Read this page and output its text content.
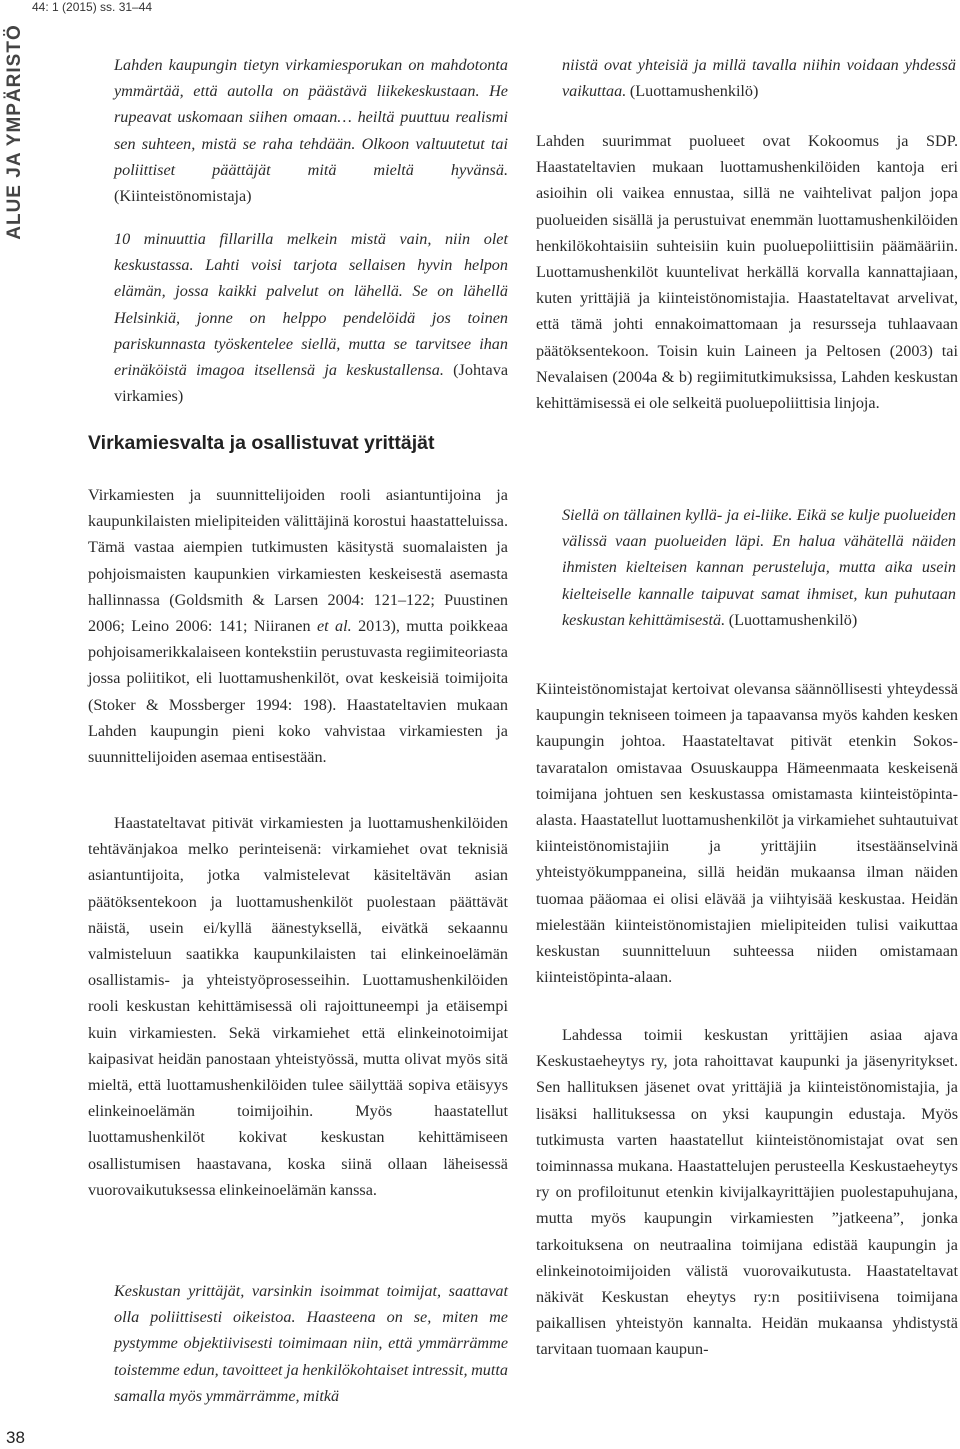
44: 1 (2015) ss. 31–44
ALUE JA YMPÄRISTÖ
38

Lahden kaupungin tietyn virkamiesporukan on mahdotonta ymmärtää, että autolla on päästävä liikekeskustaan. He rupeavat uskomaan siihen omaan… heiltä puuttuu realismi sen suhteen, mistä se raha tehdään. Olkoon valtuutetut tai poliittiset päättäjät mitä mieltä hyvänsä. (Kiinteistönomistaja)

10 minuuttia fillarilla melkein mistä vain, niin olet keskustassa. Lahti voisi tarjota sellaisen hyvin helpon elämän, jossa kaikki palvelut on lähellä. Se on lähellä Helsinkiä, jonne on helppo pendelöidä jos toinen pariskunnasta työskentelee siellä, mutta se tarvitsee ihan erinäköistä imagoa itsellensä ja keskustallensa. (Johtava virkamies)

Virkamiesvalta ja osallistuvat yrittäjät

Virkamiesten ja suunnittelijoiden rooli asiantuntijoina ja kaupunkilaisten mielipiteiden välittäjinä korostui haastatteluissa. Tämä vastaa aiempien tutkimusten käsitystä suomalaisten ja pohjoismaisten kaupunkien virkamiesten keskeisestä asemasta hallinnassa (Goldsmith & Larsen 2004: 121–122; Puustinen 2006; Leino 2006: 141; Niiranen et al. 2013), mutta poikkeaa pohjoisamerikkalaiseen kontekstiin perustuvasta regiimiteoriasta jossa poliitikot, eli luottamushenkilöt, ovat keskeisiä toimijoita (Stoker & Mossberger 1994: 198). Haastateltavien mukaan Lahden kaupungin pieni koko vahvistaa virkamiesten ja suunnittelijoiden asemaa entisestään.

Haastateltavat pitivät virkamiesten ja luottamushenkilöiden tehtävänjakoa melko perinteisenä: virkamiehet ovat teknisiä asiantuntijoita, jotka valmistelevat käsiteltävän asian päätöksentekoon ja luottamushenkilöt puolestaan päättävät näistä, usein ei/kyllä äänestyksellä, eivätkä sekaannu valmisteluun saatikka kaupunkilaisten tai elinkeinoelämän osallistamis- ja yhteistyöprosesseihin. Luottamushenkilöiden rooli keskustan kehittämisessä oli rajoittuneempi ja etäisempi kuin virkamiesten. Sekä virkamiehet että elinkeinotoimijat kaipasivat heidän panostaan yhteistyössä, mutta olivat myös sitä mieltä, että luottamushenkilöiden tulee säilyttää sopiva etäisyys elinkeinoelämän toimijoihin. Myös haastatellut luottamushenkilöt kokivat keskustan kehittämiseen osallistumisen haastavana, koska siinä ollaan läheisessä vuorovaikutuksessa elinkeinoelämän kanssa.

Keskustan yrittäjät, varsinkin isoimmat toimijat, saattavat olla poliittisesti oikeistoa. Haasteena on se, miten me pystymme objektiivisesti toimimaan niin, että ymmärrämme toistemme edun, tavoitteet ja henkilökohtaiset intressit, mutta samalla myös ymmärrämme, mitkä

niistä ovat yhteisiä ja millä tavalla niihin voidaan yhdessä vaikuttaa. (Luottamushenkilö)

Lahden suurimmat puolueet ovat Kokoomus ja SDP. Haastateltavien mukaan luottamushenkilöiden kantoja eri asioihin oli vaikea ennustaa, sillä ne vaihtelivat paljon jopa puolueiden sisällä ja perustuivat enemmän luottamushenkilöiden henkilökohtaisiin suhteisiin kuin puoluepoliittisiin päämääriin. Luottamushenkilöt kuuntelivat herkällä korvalla kannattajiaan, kuten yrittäjiä ja kiinteistönomistajia. Haastateltavat arvelivat, että tämä johti ennakoimattomaan ja resursseja tuhlaavaan päätöksentekoon. Toisin kuin Laineen ja Peltosen (2003) tai Nevalaisen (2004a & b) regiimitutkimuksissa, Lahden keskustan kehittämisessä ei ole selkeitä puoluepoliittisia linjoja.

Siellä on tällainen kyllä- ja ei-liike. Eikä se kulje puolueiden välissä vaan puolueiden läpi. En halua vähätellä näiden ihmisten kielteisen kannan perusteluja, mutta aika usein kielteiselle kannalle taipuvat samat ihmiset, kun puhutaan keskustan kehittämisestä. (Luottamushenkilö)

Kiinteistönomistajat kertoivat olevansa säännöllisesti yhteydessä kaupungin tekniseen toimeen ja tapaavansa myös kahden kesken kaupungin johtoa. Haastateltavat pitivät etenkin Sokos-tavaratalon omistavaa Osuuskauppa Hämeenmaata keskeisenä toimijana johtuen sen keskustassa omistamasta kiinteistöpinta-alasta. Haastatellut luottamushenkilöt ja virkamiehet suhtautuivat kiinteistönomistajiin ja yrittäjiin itsestäänselvinä yhteistyökumppaneina, sillä heidän mukaansa ilman näiden tuomaa pääomaa ei olisi elävää ja viihtyisää keskustaa. Heidän mielestään kiinteistönomistajien mielipiteiden tulisi vaikuttaa keskustan suunnitteluun suhteessa niiden omistamaan kiinteistöpinta-alaan.

Lahdessa toimii keskustan yrittäjien asiaa ajava Keskustaeheytys ry, jota rahoittavat kaupunki ja jäsenyritykset. Sen hallituksen jäsenet ovat yrittäjiä ja kiinteistönomistajia, ja lisäksi hallituksessa on yksi kaupungin edustaja. Myös tutkimusta varten haastatellut kiinteistönomistajat ovat sen toiminnassa mukana. Haastattelujen perusteella Keskustaeheytys ry on profiloitunut etenkin kivijalkayrittäjien puolestapuhujana, mutta myös kaupungin virkamiesten ”jatkeena”, jonka tarkoituksena on neutraalina toimijana edistää kaupungin ja elinkeinotoimijoiden välistä vuorovaikutusta. Haastateltavat näkivät Keskustan eheytys ry:n positiivisena toimijana paikallisen yhteistyön kannalta. Heidän mukaansa yhdistystä tarvitaan tuomaan kaupun-
